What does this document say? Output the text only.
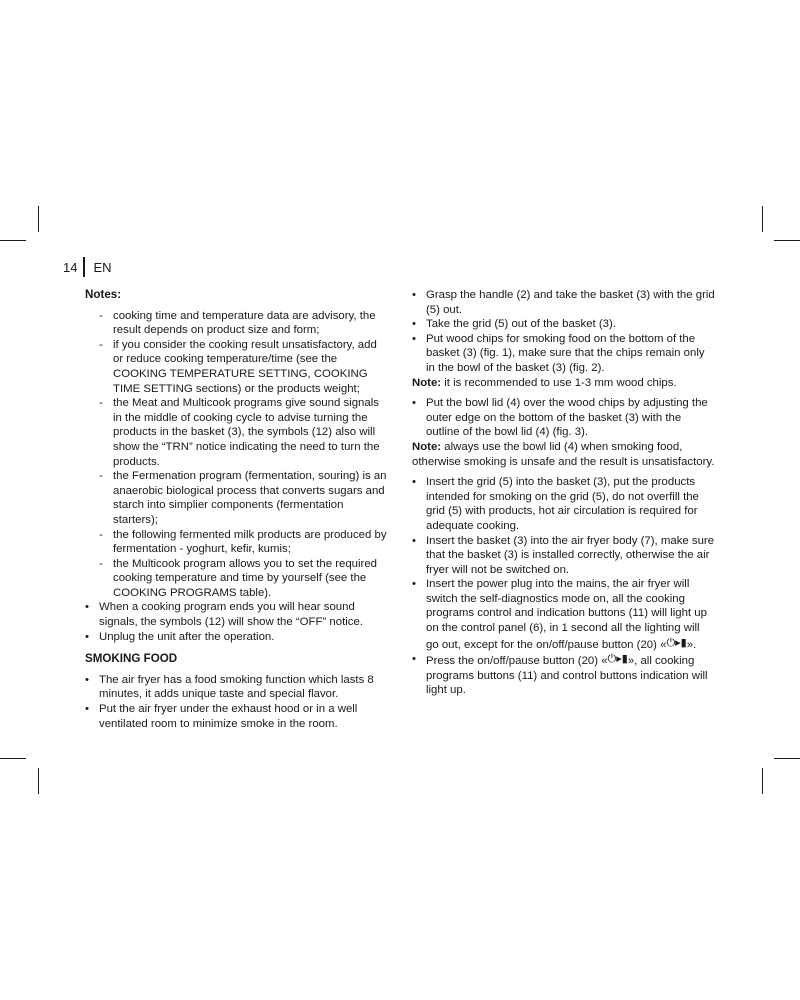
14 EN
Notes:
- cooking time and temperature data are advisory, the result depends on product size and form;
- if you consider the cooking result unsatisfactory, add or reduce cooking temperature/time (see the COOKING TEMPERATURE SETTING, COOKING TIME SETTING sections) or the products weight;
- the Meat and Multicook programs give sound signals in the middle of cooking cycle to advise turning the products in the basket (3), the symbols (12) also will show the “TRN” notice indicating the need to turn the products.
- the Fermenation program (fermentation, souring) is an anaerobic biological process that converts sugars and starch into simplier components (fermentation starters);
- the following fermented milk products are produced by fermentation - yoghurt, kefir, kumis;
- the Multicook program allows you to set the required cooking temperature and time by yourself (see the COOKING PROGRAMS table).
• When a cooking program ends you will hear sound signals, the symbols (12) will show the “OFF” notice.
• Unplug the unit after the operation.
SMOKING FOOD
• The air fryer has a food smoking function which lasts 8 minutes, it adds unique taste and special flavor.
• Put the air fryer under the exhaust hood or in a well ventilated room to minimize smoke in the room.
• Grasp the handle (2) and take the basket (3) with the grid (5) out.
• Take the grid (5) out of the basket (3).
• Put wood chips for smoking food on the bottom of the basket (3) (fig. 1), make sure that the chips remain only in the bowl of the basket (3) (fig. 2).

Note: it is recommended to use 1-3 mm wood chips.

• Put the bowl lid (4) over the wood chips by adjusting the outer edge on the bottom of the basket (3) with the outline of the bowl lid (4) (fig. 3).

Note: always use the bowl lid (4) when smoking food, otherwise smoking is unsafe and the result is unsatisfactory.

• Insert the grid (5) into the basket (3), put the products intended for smoking on the grid (5), do not overfill the grid (5) with products, hot air circulation is required for adequate cooking.
• Insert the basket (3) into the air fryer body (7), make sure that the basket (3) is installed correctly, otherwise the air fryer will not be switched on.
• Insert the power plug into the mains, the air fryer will switch the self-diagnostics mode on, all the cooking programs control and indication buttons (11) will light up on the control panel (6), in 1 second all the lighting will go out, except for the on/off/pause button (20) «⏻▸▮».
• Press the on/off/pause button (20) «⏻▸▮», all cooking programs buttons (11) and control buttons indication will light up.
